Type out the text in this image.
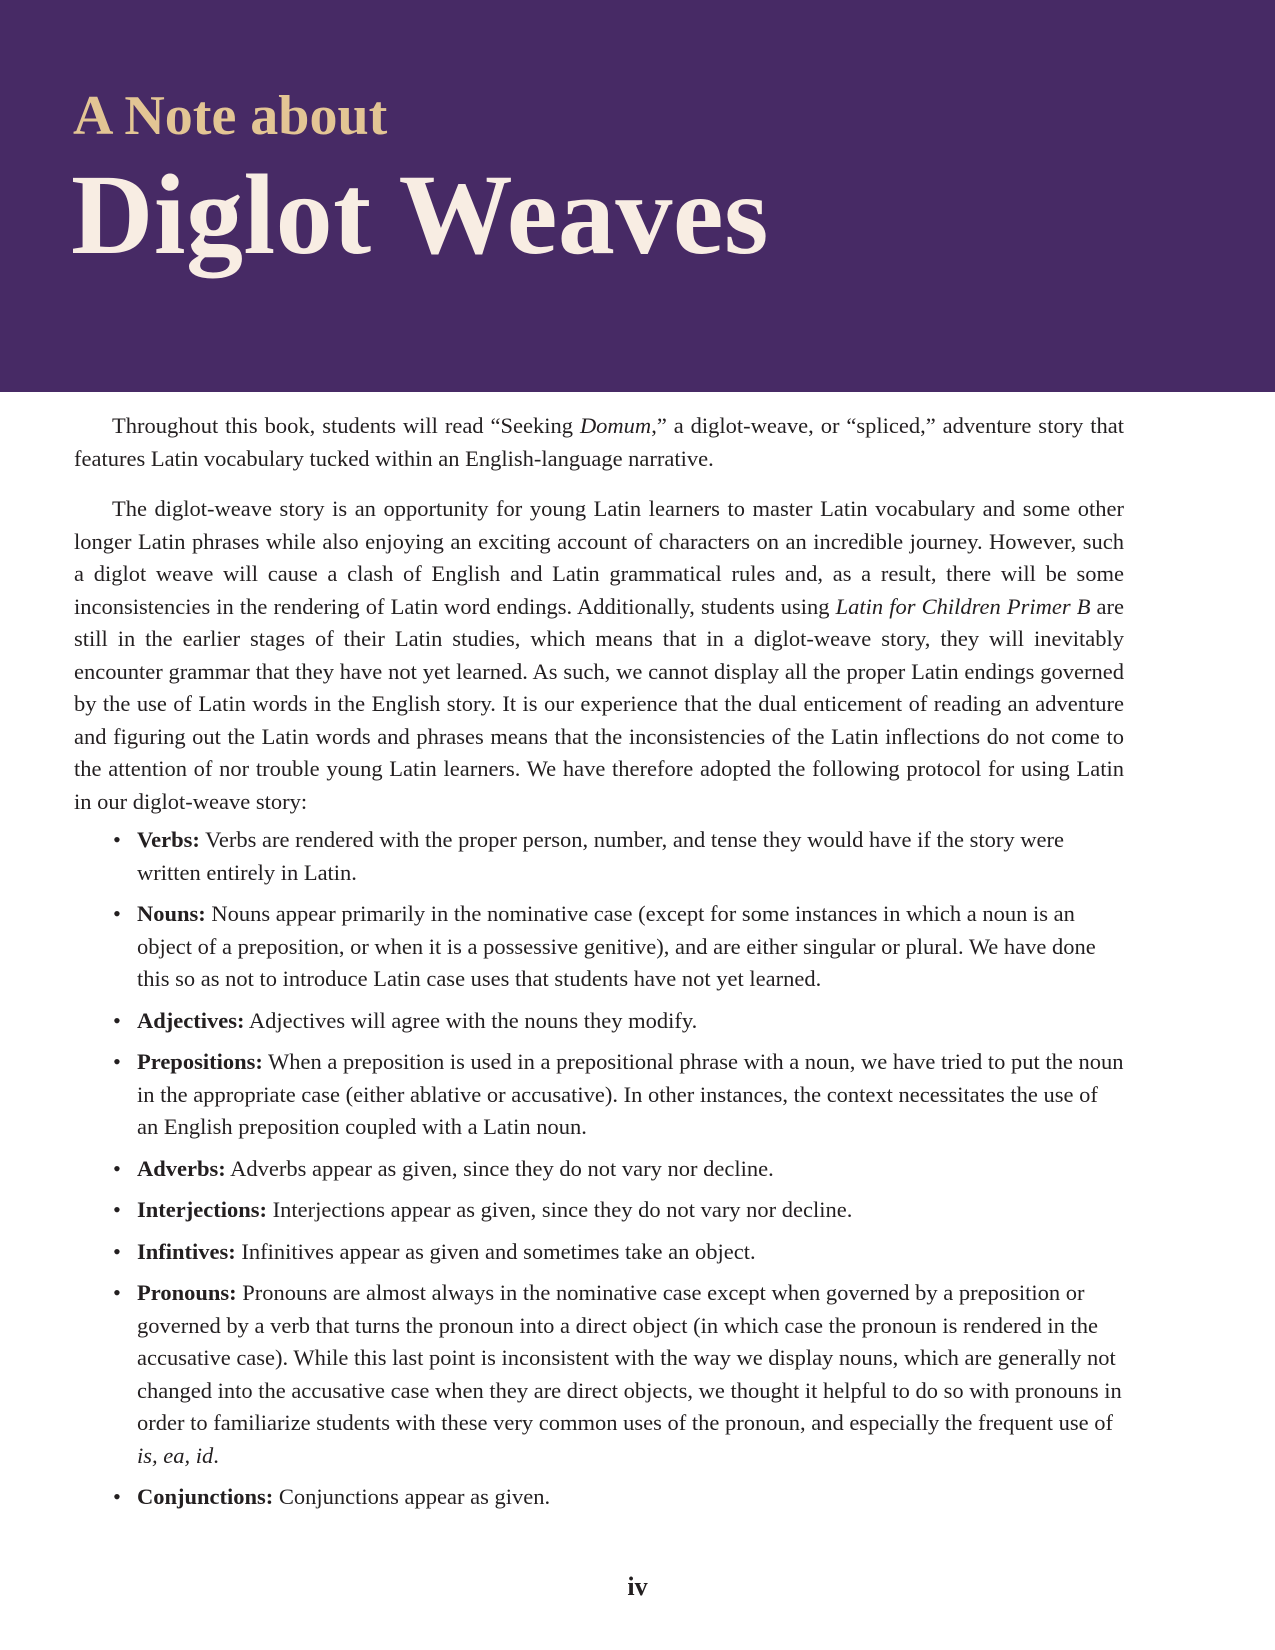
A Note about
Diglot Weaves

Throughout this book, students will read “Seeking Domum,” a diglot-weave, or “spliced,” adventure story that features Latin vocabulary tucked within an English-language narrative.

The diglot-weave story is an opportunity for young Latin learners to master Latin vocabulary and some other longer Latin phrases while also enjoying an exciting account of characters on an incredible journey. However, such a diglot weave will cause a clash of English and Latin grammatical rules and, as a result, there will be some inconsistencies in the rendering of Latin word endings. Additionally, students using Latin for Children Primer B are still in the earlier stages of their Latin studies, which means that in a diglot-weave story, they will inevitably encounter grammar that they have not yet learned. As such, we cannot display all the proper Latin endings governed by the use of Latin words in the English story. It is our experience that the dual enticement of reading an adventure and figuring out the Latin words and phrases means that the inconsistencies of the Latin inflections do not come to the attention of nor trouble young Latin learners. We have therefore adopted the following protocol for using Latin in our diglot-weave story:

• Verbs: Verbs are rendered with the proper person, number, and tense they would have if the story were written entirely in Latin.
• Nouns: Nouns appear primarily in the nominative case (except for some instances in which a noun is an object of a preposition, or when it is a possessive genitive), and are either singular or plural. We have done this so as not to introduce Latin case uses that students have not yet learned.
• Adjectives: Adjectives will agree with the nouns they modify.
• Prepositions: When a preposition is used in a prepositional phrase with a noun, we have tried to put the noun in the appropriate case (either ablative or accusative). In other instances, the context necessitates the use of an English preposition coupled with a Latin noun.
• Adverbs: Adverbs appear as given, since they do not vary nor decline.
• Interjections: Interjections appear as given, since they do not vary nor decline.
• Infintives: Infinitives appear as given and sometimes take an object.
• Pronouns: Pronouns are almost always in the nominative case except when governed by a preposition or governed by a verb that turns the pronoun into a direct object (in which case the pronoun is rendered in the accusative case). While this last point is inconsistent with the way we display nouns, which are generally not changed into the accusative case when they are direct objects, we thought it helpful to do so with pronouns in order to familiarize students with these very common uses of the pronoun, and especially the frequent use of is, ea, id.
• Conjunctions: Conjunctions appear as given.
iv
